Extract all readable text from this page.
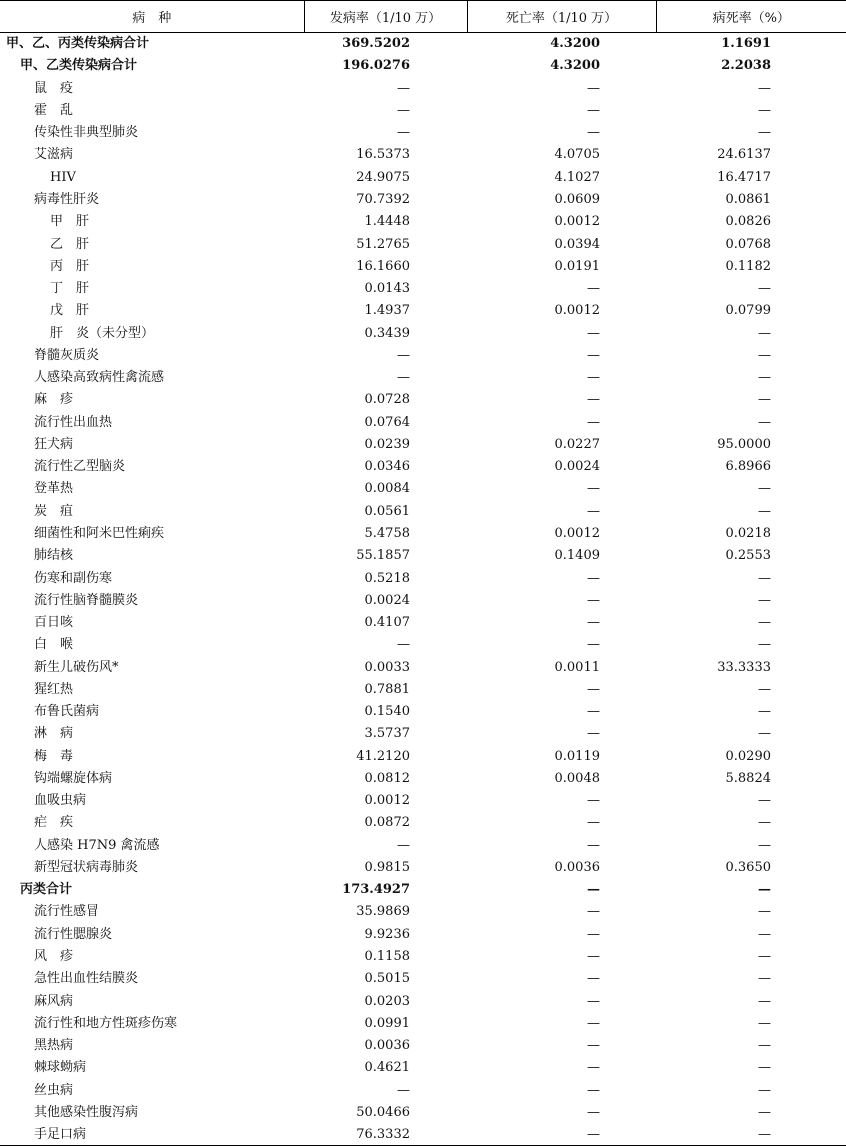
病　种	发病率（1/10 万）	死亡率（1/10 万）	病死率（%）
甲、乙、丙类传染病合计	369.5202	4.3200	1.1691
甲、乙类传染病合计	196.0276	4.3200	2.2038
鼠　疫	—	—	—
霍　乱	—	—	—
传染性非典型肺炎	—	—	—
艾滋病	16.5373	4.0705	24.6137
HIV	24.9075	4.1027	16.4717
病毒性肝炎	70.7392	0.0609	0.0861
甲　肝	1.4448	0.0012	0.0826
乙　肝	51.2765	0.0394	0.0768
丙　肝	16.1660	0.0191	0.1182
丁　肝	0.0143	—	—
戊　肝	1.4937	0.0012	0.0799
肝　炎（未分型）	0.3439	—	—
脊髓灰质炎	—	—	—
人感染高致病性禽流感	—	—	—
麻　疹	0.0728	—	—
流行性出血热	0.0764	—	—
狂犬病	0.0239	0.0227	95.0000
流行性乙型脑炎	0.0346	0.0024	6.8966
登革热	0.0084	—	—
炭　疽	0.0561	—	—
细菌性和阿米巴性痢疾	5.4758	0.0012	0.0218
肺结核	55.1857	0.1409	0.2553
伤寒和副伤寒	0.5218	—	—
流行性脑脊髓膜炎	0.0024	—	—
百日咳	0.4107	—	—
白　喉	—	—	—
新生儿破伤风*	0.0033	0.0011	33.3333
猩红热	0.7881	—	—
布鲁氏菌病	0.1540	—	—
淋　病	3.5737	—	—
梅　毒	41.2120	0.0119	0.0290
钩端螺旋体病	0.0812	0.0048	5.8824
血吸虫病	0.0012	—	—
疟　疾	0.0872	—	—
人感染 H7N9 禽流感	—	—	—
新型冠状病毒肺炎	0.9815	0.0036	0.3650
丙类合计	173.4927	—	—
流行性感冒	35.9869	—	—
流行性腮腺炎	9.9236	—	—
风　疹	0.1158	—	—
急性出血性结膜炎	0.5015	—	—
麻风病	0.0203	—	—
流行性和地方性斑疹伤寒	0.0991	—	—
黑热病	0.0036	—	—
棘球蚴病	0.4621	—	—
丝虫病	—	—	—
其他感染性腹泻病	50.0466	—	—
手足口病	76.3332	—	—
